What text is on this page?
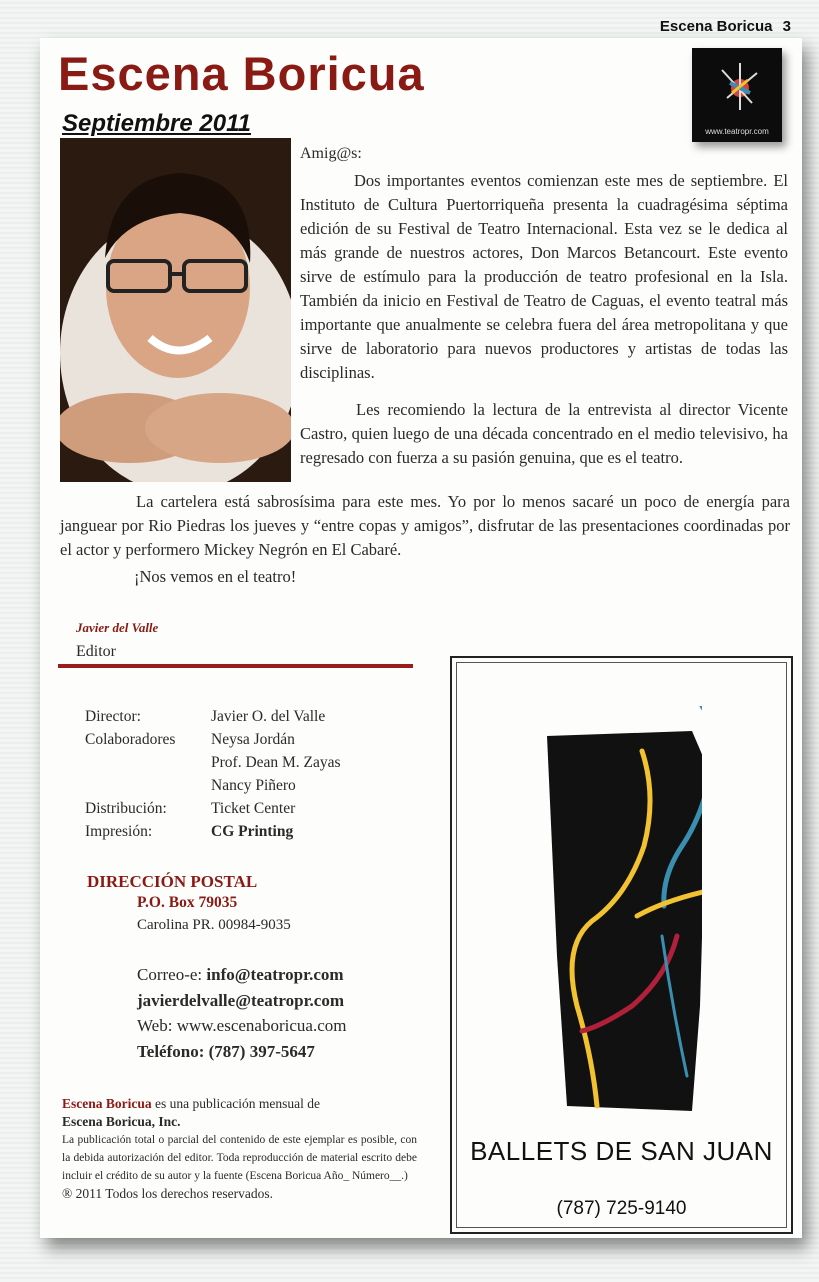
Escena Boricua 3
Escena Boricua
Septiembre 2011	www.teatropr.com
Amig@s:
Dos importantes eventos comienzan este mes de septiembre. El Instituto de Cultura Puertorriqueña presenta la cuadragésima séptima edición de su Festival de Teatro Internacional. Esta vez se le dedica al más grande de nuestros actores, Don Marcos Betancourt. Este evento sirve de estímulo para la producción de teatro profesional en la Isla. También da inicio en Festival de Teatro de Caguas, el evento teatral más importante que anualmente se celebra fuera del área metropolitana y que sirve de laboratorio para nuevos productores y artistas de todas las disciplinas.
Les recomiendo la lectura de la entrevista al director Vicente Castro, quien luego de una década concentrado en el medio televisivo, ha regresado con fuerza a su pasión genuina, que es el teatro.
La cartelera está sabrosísima para este mes. Yo por lo menos sacaré un poco de energía para janguear por Rio Piedras los jueves y “entre copas y amigos”, disfrutar de las presentaciones coordinadas por el actor y performero Mickey Negrón en El Cabaré.
¡Nos vemos en el teatro!
Javier del Valle
Editor
Director:	Javier O. del Valle
Colaboradores	Neysa Jordán
Prof. Dean M. Zayas
Nancy Piñero
Distribución:	Ticket Center
Impresión:	CG Printing
DIRECCIÓN POSTAL
P.O. Box 79035
Carolina PR. 00984-9035
Correo-e: info@teatropr.com
javierdelvalle@teatropr.com
Web: www.escenaboricua.com
Teléfono: (787) 397-5647
Escena Boricua es una publicación mensual de
Escena Boricua, Inc.
La publicación total o parcial del contenido de este ejemplar es posible, con la debida autorización del editor. Toda reproducción de material escrito debe incluir el crédito de su autor y la fuente (Escena Boricua Año_ Número__.)
® 2011 Todos los derechos reservados.
BALLETS DE SAN JUAN
(787) 725-9140
